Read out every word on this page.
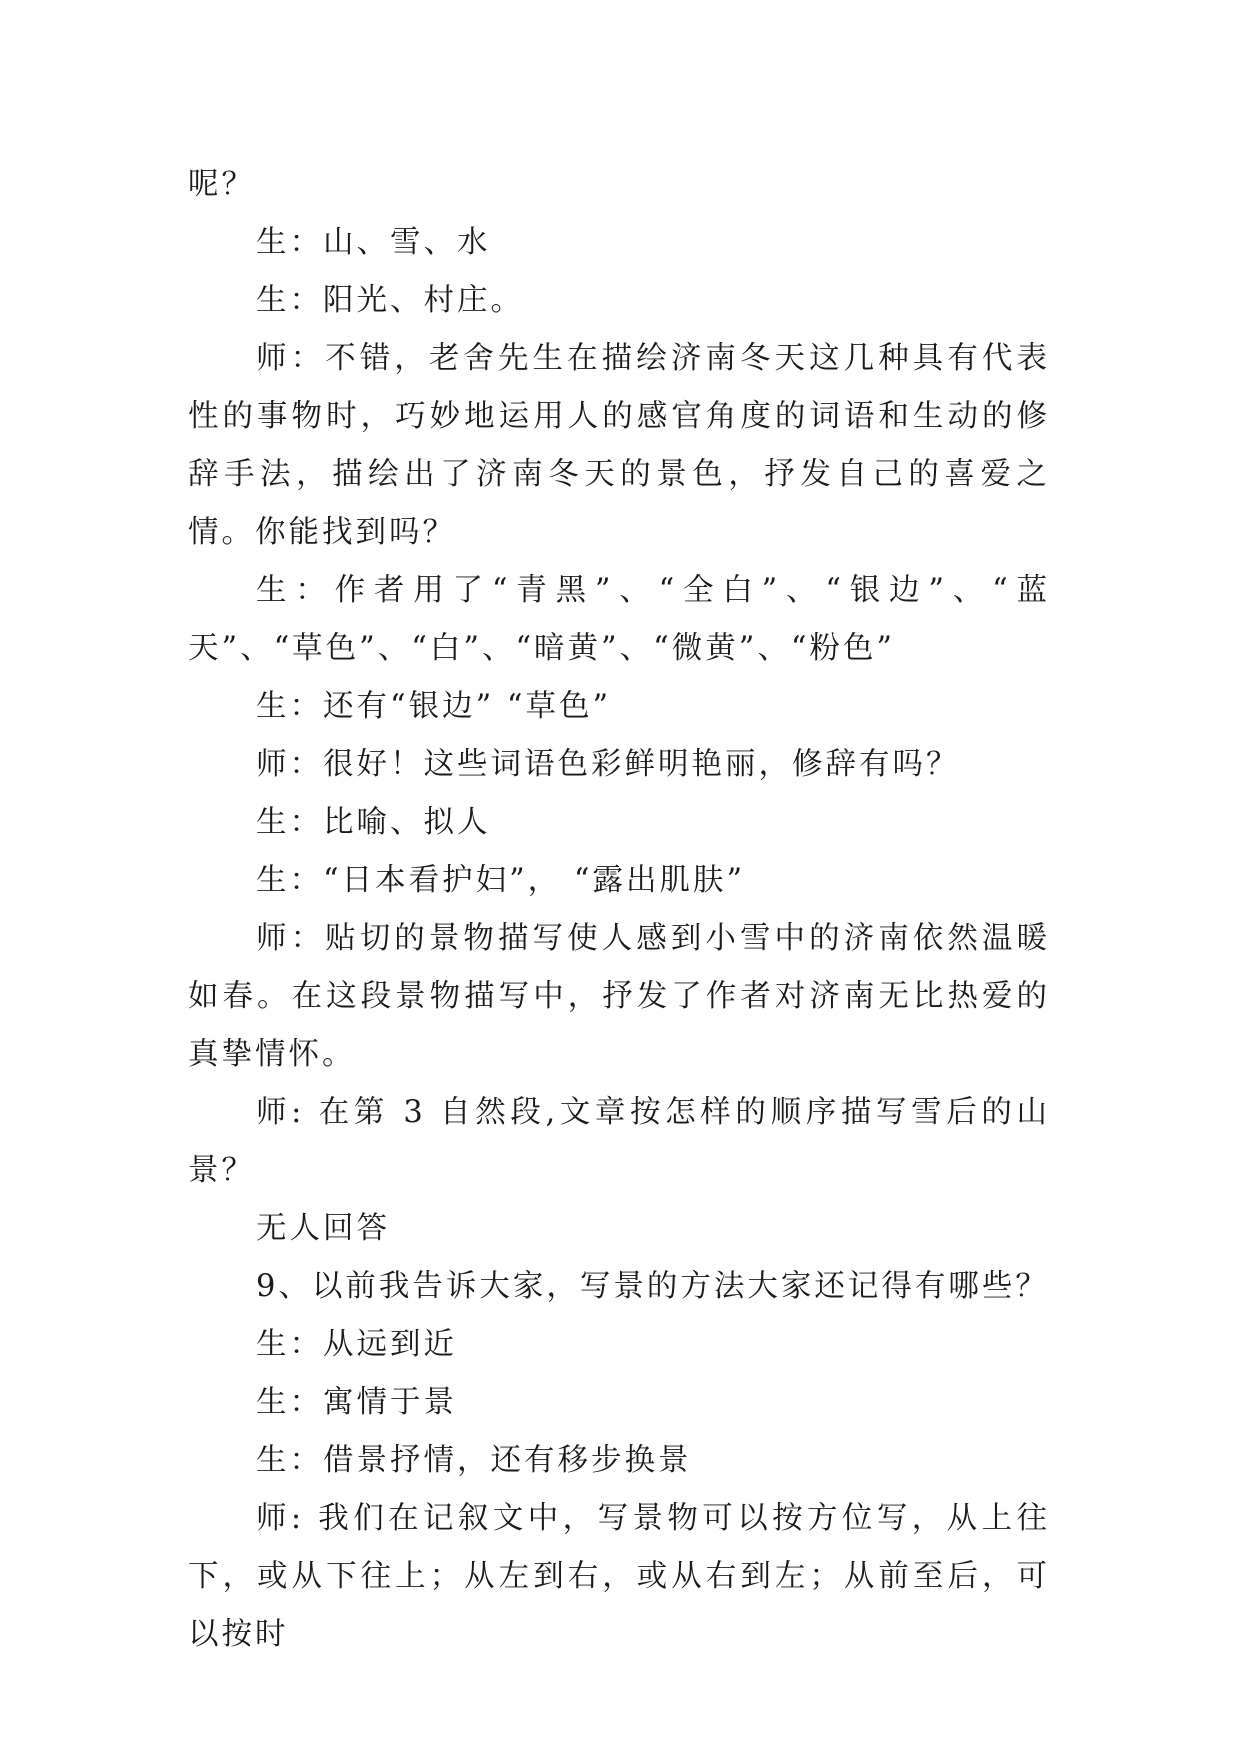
呢？

生：山、雪、水

生：阳光、村庄。

师：不错，老舍先生在描绘济南冬天这几种具有代表性的事物时，巧妙地运用人的感官角度的词语和生动的修辞手法，描绘出了济南冬天的景色，抒发自己的喜爱之情。你能找到吗？

生：作者用了“青黑”、“全白”、“银边”、“蓝天”、“草色”、“白”、“暗黄”、“微黄”、“粉色”

生：还有“银边” “草色”

师：很好！这些词语色彩鲜明艳丽，修辞有吗？

生：比喻、拟人

生：“日本看护妇”， “露出肌肤”

师：贴切的景物描写使人感到小雪中的济南依然温暖如春。在这段景物描写中，抒发了作者对济南无比热爱的真挚情怀。

师: 在第 3 自然段,文章按怎样的顺序描写雪后的山景？

无人回答

9、以前我告诉大家，写景的方法大家还记得有哪些？

生：从远到近

生：寓情于景

生：借景抒情，还有移步换景

师: 我们在记叙文中，写景物可以按方位写，从上往下，或从下往上；从左到右，或从右到左；从前至后，可以按时
